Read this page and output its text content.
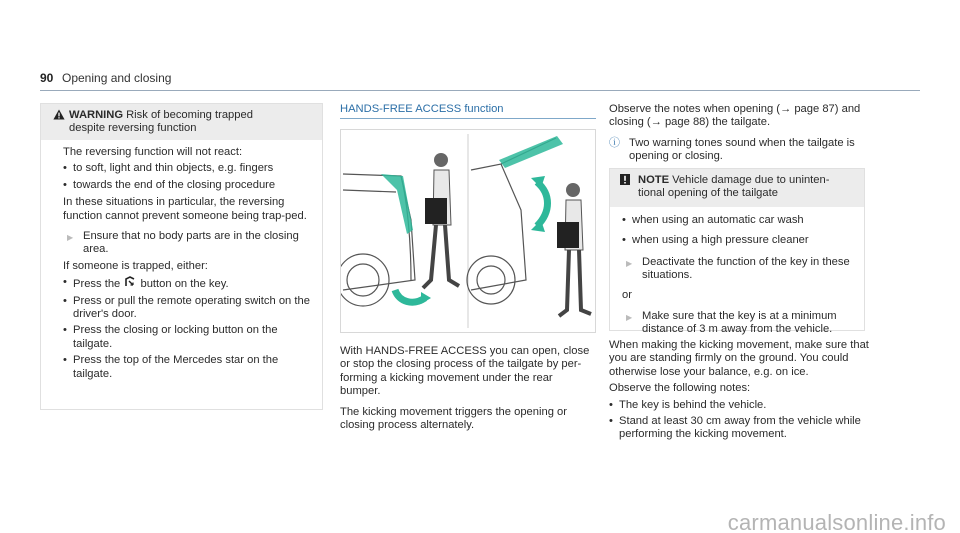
90 Opening and closing
WARNING Risk of becoming trapped
despite reversing function

The reversing function will not react:

• to soft, light and thin objects, e.g. fingers
• towards the end of the closing procedure

In these situations in particular, the reversing function cannot prevent someone being trap-ped.

▶ Ensure that no body parts are in the closing area.

If someone is trapped, either:

• Press the button on the key.
• Press or pull the remote operating switch on the driver's door.
• Press the closing or locking button on the tailgate.
• Press the top of the Mercedes star on the tailgate.
HANDS-FREE ACCESS function

With HANDS-FREE ACCESS you can open, close or stop the closing process of the tailgate by per-forming a kicking movement under the rear bumper.

The kicking movement triggers the opening or closing process alternately.

Observe the notes when opening (→ page 87) and closing (→ page 88) the tailgate.

ⓘ Two warning tones sound when the tailgate is opening or closing.
NOTE Vehicle damage due to uninten-tional opening of the tailgate
• when using an automatic car wash
• when using a high pressure cleaner
▶ Deactivate the function of the key in these situations.

or

▶ Make sure that the key is at a minimum distance of 3 m away from the vehicle.

When making the kicking movement, make sure that you are standing firmly on the ground. You could otherwise lose your balance, e.g. on ice.

Observe the following notes:

• The key is behind the vehicle.
• Stand at least 30 cm away from the vehicle while performing the kicking movement.
carmanualsonline.info
